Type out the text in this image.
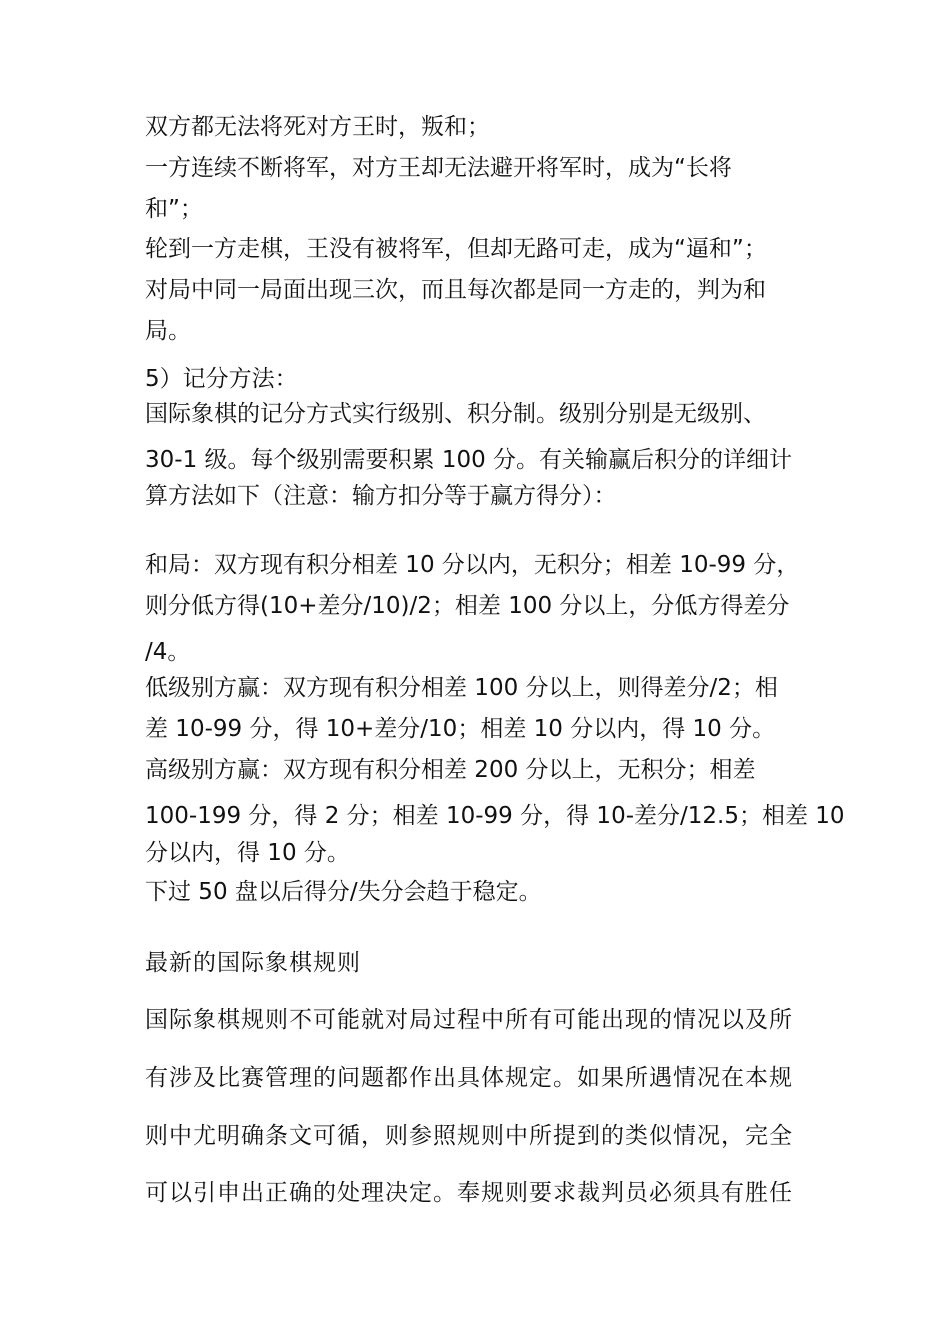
双方都无法将死对方王时，叛和；

一方连续不断将军，对方王却无法避开将军时，成为“长将

和”；

轮到一方走棋，王没有被将军，但却无路可走，成为“逼和”；

对局中同一局面出现三次，而且每次都是同一方走的，判为和

局。

5）记分方法：

国际象棋的记分方式实行级别、积分制。级别分别是无级别、

30-1 级。每个级别需要积累 100 分。有关输赢后积分的详细计

算方法如下（注意：输方扣分等于赢方得分）：

和局：双方现有积分相差 10 分以内，无积分；相差 10-99 分，

则分低方得(10+差分/10)/2；相差 100 分以上，分低方得差分

/4。

低级别方赢：双方现有积分相差 100 分以上，则得差分/2；相

差 10-99 分，得 10+差分/10；相差 10 分以内，得 10 分。

高级别方赢：双方现有积分相差 200 分以上，无积分；相差

100-199 分，得 2 分；相差 10-99 分，得 10-差分/12.5；相差 10

分以内，得 10 分。

下过 50 盘以后得分/失分会趋于稳定。

最新的国际象棋规则

国际象棋规则不可能就对局过程中所有可能出现的情况以及所

有涉及比赛管理的问题都作出具体规定。如果所遇情况在本规

则中尤明确条文可循，则参照规则中所提到的类似情况，完全

可以引申出正确的处理决定。奉规则要求裁判员必须具有胜任
